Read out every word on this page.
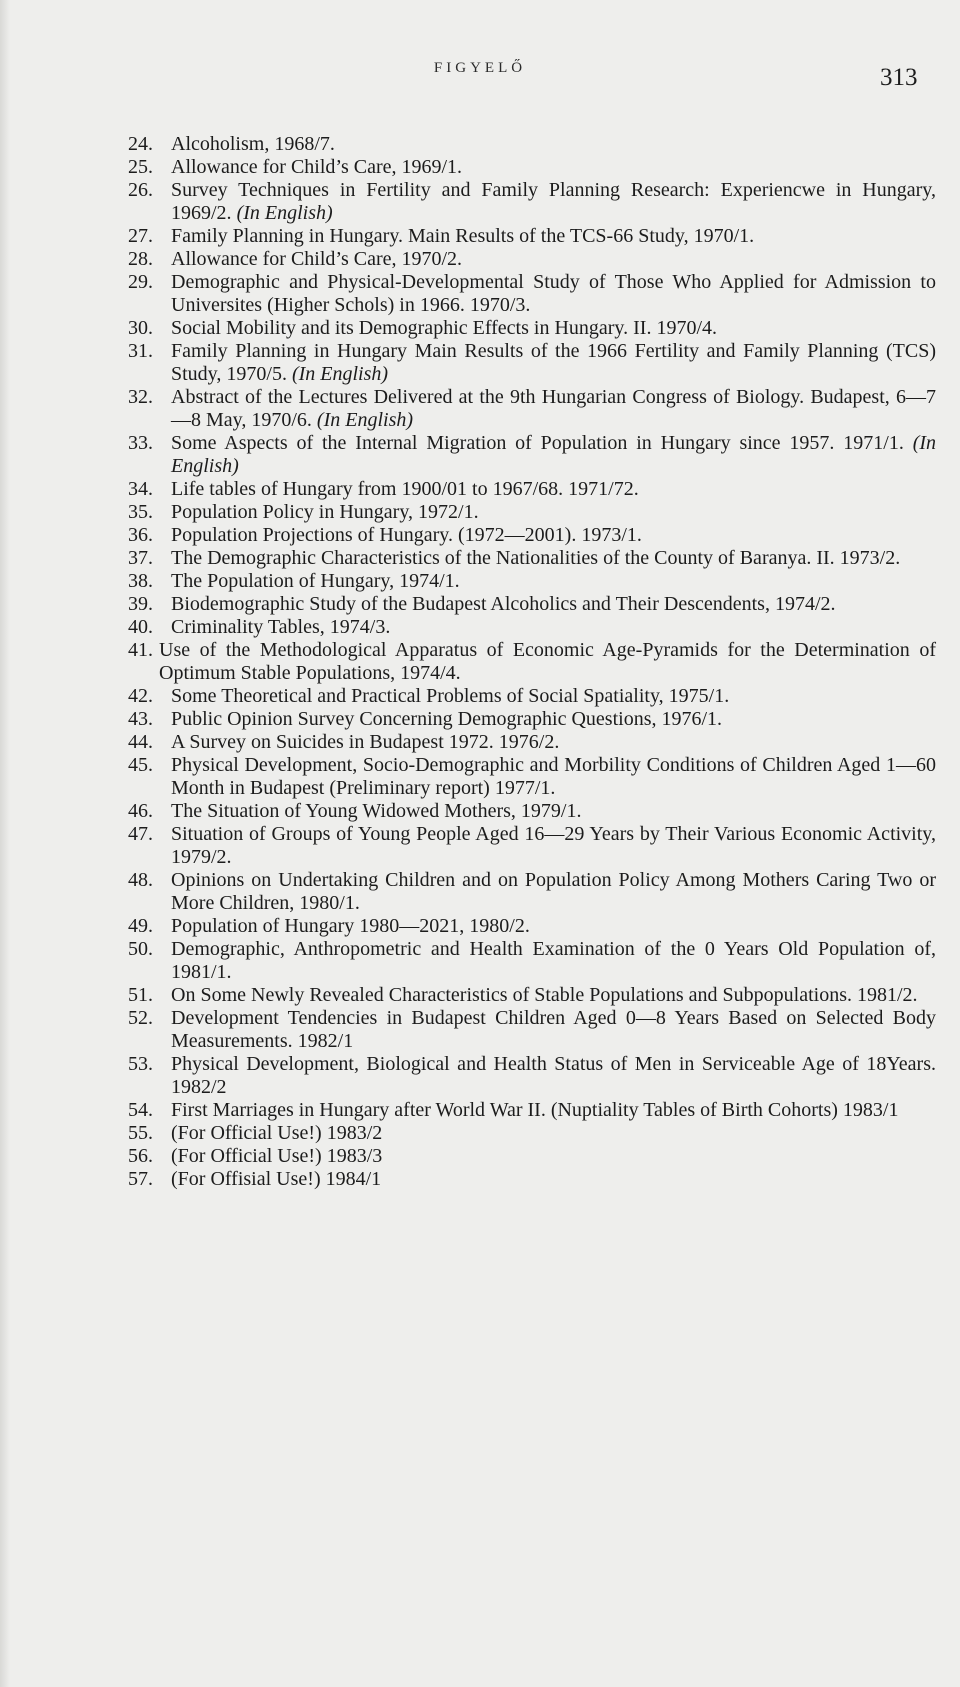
FIGYELŐ	313
24. Alcoholism, 1968/7.
25. Allowance for Child’s Care, 1969/1.
26. Survey Techniques in Fertility and Family Planning Research: Experiencwe in Hungary, 1969/2. (In English)
27. Family Planning in Hungary. Main Results of the TCS-66 Study, 1970/1.
28. Allowance for Child’s Care, 1970/2.
29. Demographic and Physical-Developmental Study of Those Who Applied for Admission to Universites (Higher Schols) in 1966. 1970/3.
30. Social Mobility and its Demographic Effects in Hungary. II. 1970/4.
31. Family Planning in Hungary Main Results of the 1966 Fertility and Family Planning (TCS) Study, 1970/5. (In English)
32. Abstract of the Lectures Delivered at the 9th Hungarian Congress of Biology. Budapest, 6—7—8 May, 1970/6. (In English)
33. Some Aspects of the Internal Migration of Population in Hungary since 1957. 1971/1. (In English)
34. Life tables of Hungary from 1900/01 to 1967/68. 1971/72.
35. Population Policy in Hungary, 1972/1.
36. Population Projections of Hungary. (1972—2001). 1973/1.
37. The Demographic Characteristics of the Nationalities of the County of Baranya. II. 1973/2.
38. The Population of Hungary, 1974/1.
39. Biodemographic Study of the Budapest Alcoholics and Their Descendents, 1974/2.
40. Criminality Tables, 1974/3.
41. Use of the Methodological Apparatus of Economic Age-Pyramids for the Determination of Optimum Stable Populations, 1974/4.
42. Some Theoretical and Practical Problems of Social Spatiality, 1975/1.
43. Public Opinion Survey Concerning Demographic Questions, 1976/1.
44. A Survey on Suicides in Budapest 1972. 1976/2.
45. Physical Development, Socio-Demographic and Morbility Conditions of Children Aged 1—60 Month in Budapest (Preliminary report) 1977/1.
46. The Situation of Young Widowed Mothers, 1979/1.
47. Situation of Groups of Young People Aged 16—29 Years by Their Various Economic Activity, 1979/2.
48. Opinions on Undertaking Children and on Population Policy Among Mothers Caring Two or More Children, 1980/1.
49. Population of Hungary 1980—2021, 1980/2.
50. Demographic, Anthropometric and Health Examination of the 0 Years Old Population of, 1981/1.
51. On Some Newly Revealed Characteristics of Stable Populations and Subpopulations. 1981/2.
52. Development Tendencies in Budapest Children Aged 0—8 Years Based on Selected Body Measurements. 1982/1
53. Physical Development, Biological and Health Status of Men in Serviceable Age of 18Years. 1982/2
54. First Marriages in Hungary after World War II. (Nuptiality Tables of Birth Cohorts) 1983/1
55. (For Official Use!) 1983/2
56. (For Official Use!) 1983/3
57. (For Offisial Use!) 1984/1
